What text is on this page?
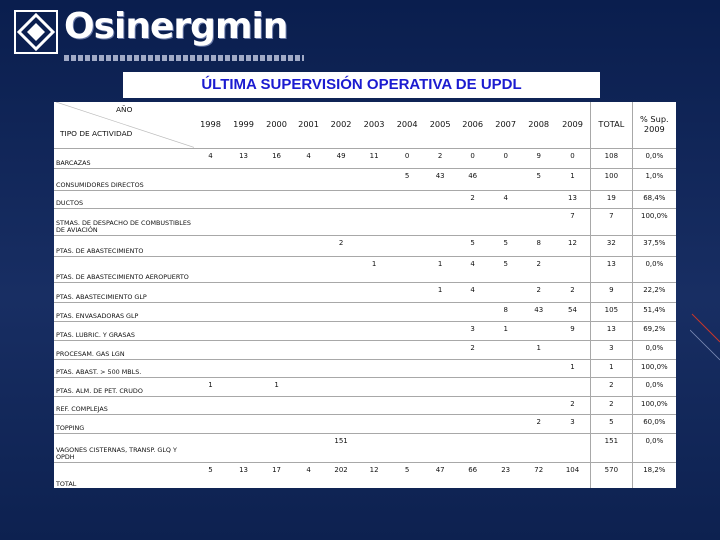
Osinergmin
ÚLTIMA SUPERVISIÓN OPERATIVA DE UPDL
AÑO
TIPO DE ACTIVIDAD	1998	1999	2000	2001	2002	2003	2004	2005	2006	2007	2008	2009	TOTAL	% Sup. 2009
BARCAZAS	4	13	16	4	49	11	0	2	0	0	9	0	108	0,0%
CONSUMIDORES DIRECTOS							5	43	46		5	1	100	1,0%
DUCTOS									2	4		13	19	68,4%
STMAS. DE DESPACHO DE COMBUSTIBLES DE AVIACIÓN												7	7	100,0%
PTAS. DE ABASTECIMIENTO					2				5	5	8	12	32	37,5%
PTAS. DE ABASTECIMIENTO AEROPUERTO						1		1	4	5	2		13	0,0%
PTAS. ABASTECIMIENTO GLP								1	4		2	2	9	22,2%
PTAS. ENVASADORAS GLP										8	43	54	105	51,4%
PTAS. LUBRIC. Y GRASAS									3	1		9	13	69,2%
PROCESAM. GAS LGN									2		1		3	0,0%
PTAS. ABAST. > 500 MBLS.												1	1	100,0%
PTAS. ALM. DE PET. CRUDO	1		1										2	0,0%
REF. COMPLEJAS												2	2	100,0%
TOPPING											2	3	5	60,0%
VAGONES CISTERNAS, TRANSP. GLQ Y OPDH					151								151	0,0%
TOTAL	5	13	17	4	202	12	5	47	66	23	72	104	570	18,2%
